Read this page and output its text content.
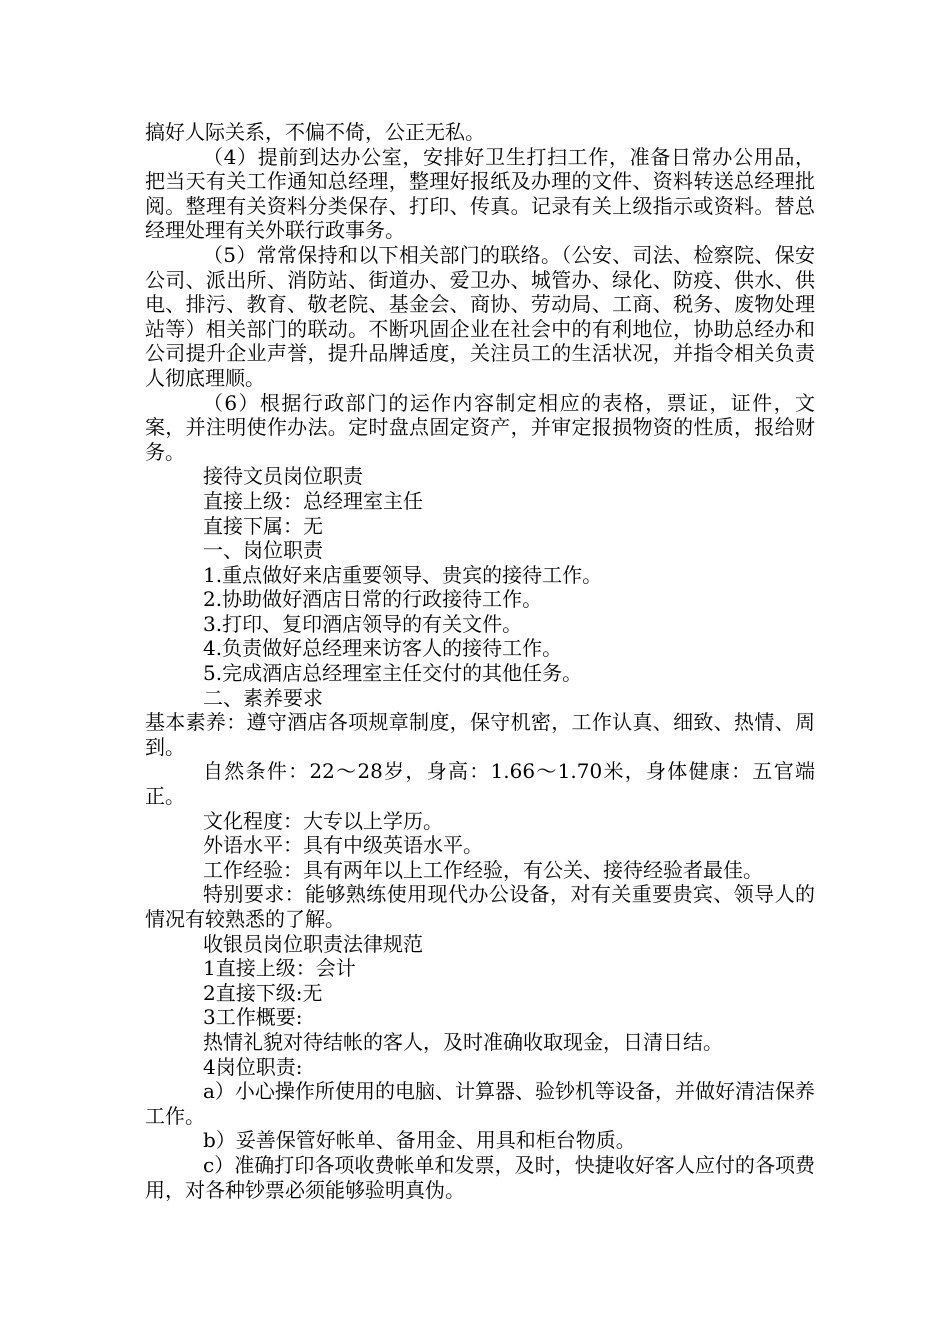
搞好人际关系，不偏不倚，公正无私。

（4）提前到达办公室，安排好卫生打扫工作，准备日常办公用品，把当天有关工作通知总经理，整理好报纸及办理的文件、资料转送总经理批阅。整理有关资料分类保存、打印、传真。记录有关上级指示或资料。替总经理处理有关外联行政事务。

（5）常常保持和以下相关部门的联络。（公安、司法、检察院、保安公司、派出所、消防站、街道办、爱卫办、城管办、绿化、防疫、供水、供电、排污、教育、敬老院、基金会、商协、劳动局、工商、税务、废物处理站等）相关部门的联动。不断巩固企业在社会中的有利地位，协助总经办和公司提升企业声誉，提升品牌适度，关注员工的生活状况，并指令相关负责人彻底理顺。

（6）根据行政部门的运作内容制定相应的表格，票证，证件，文案，并注明使作办法。定时盘点固定资产，并审定报损物资的性质，报给财务。

接待文员岗位职责

直接上级：总经理室主任

直接下属：无

一、岗位职责

1.重点做好来店重要领导、贵宾的接待工作。

2.协助做好酒店日常的行政接待工作。

3.打印、复印酒店领导的有关文件。

4.负责做好总经理来访客人的接待工作。

5.完成酒店总经理室主任交付的其他任务。

二、素养要求

基本素养：遵守酒店各项规章制度，保守机密，工作认真、细致、热情、周到。

自然条件：22～28岁，身高：1.66～1.70米，身体健康：五官端正。

文化程度：大专以上学历。

外语水平：具有中级英语水平。

工作经验：具有两年以上工作经验，有公关、接待经验者最佳。

特别要求：能够熟练使用现代办公设备，对有关重要贵宾、领导人的情况有较熟悉的了解。

收银员岗位职责法律规范

1直接上级：会计

2直接下级:无

3工作概要:

热情礼貌对待结帐的客人，及时准确收取现金，日清日结。

4岗位职责:

a）小心操作所使用的电脑、计算器、验钞机等设备，并做好清洁保养工作。

b）妥善保管好帐单、备用金、用具和柜台物质。

c）准确打印各项收费帐单和发票，及时，快捷收好客人应付的各项费用，对各种钞票必须能够验明真伪。
